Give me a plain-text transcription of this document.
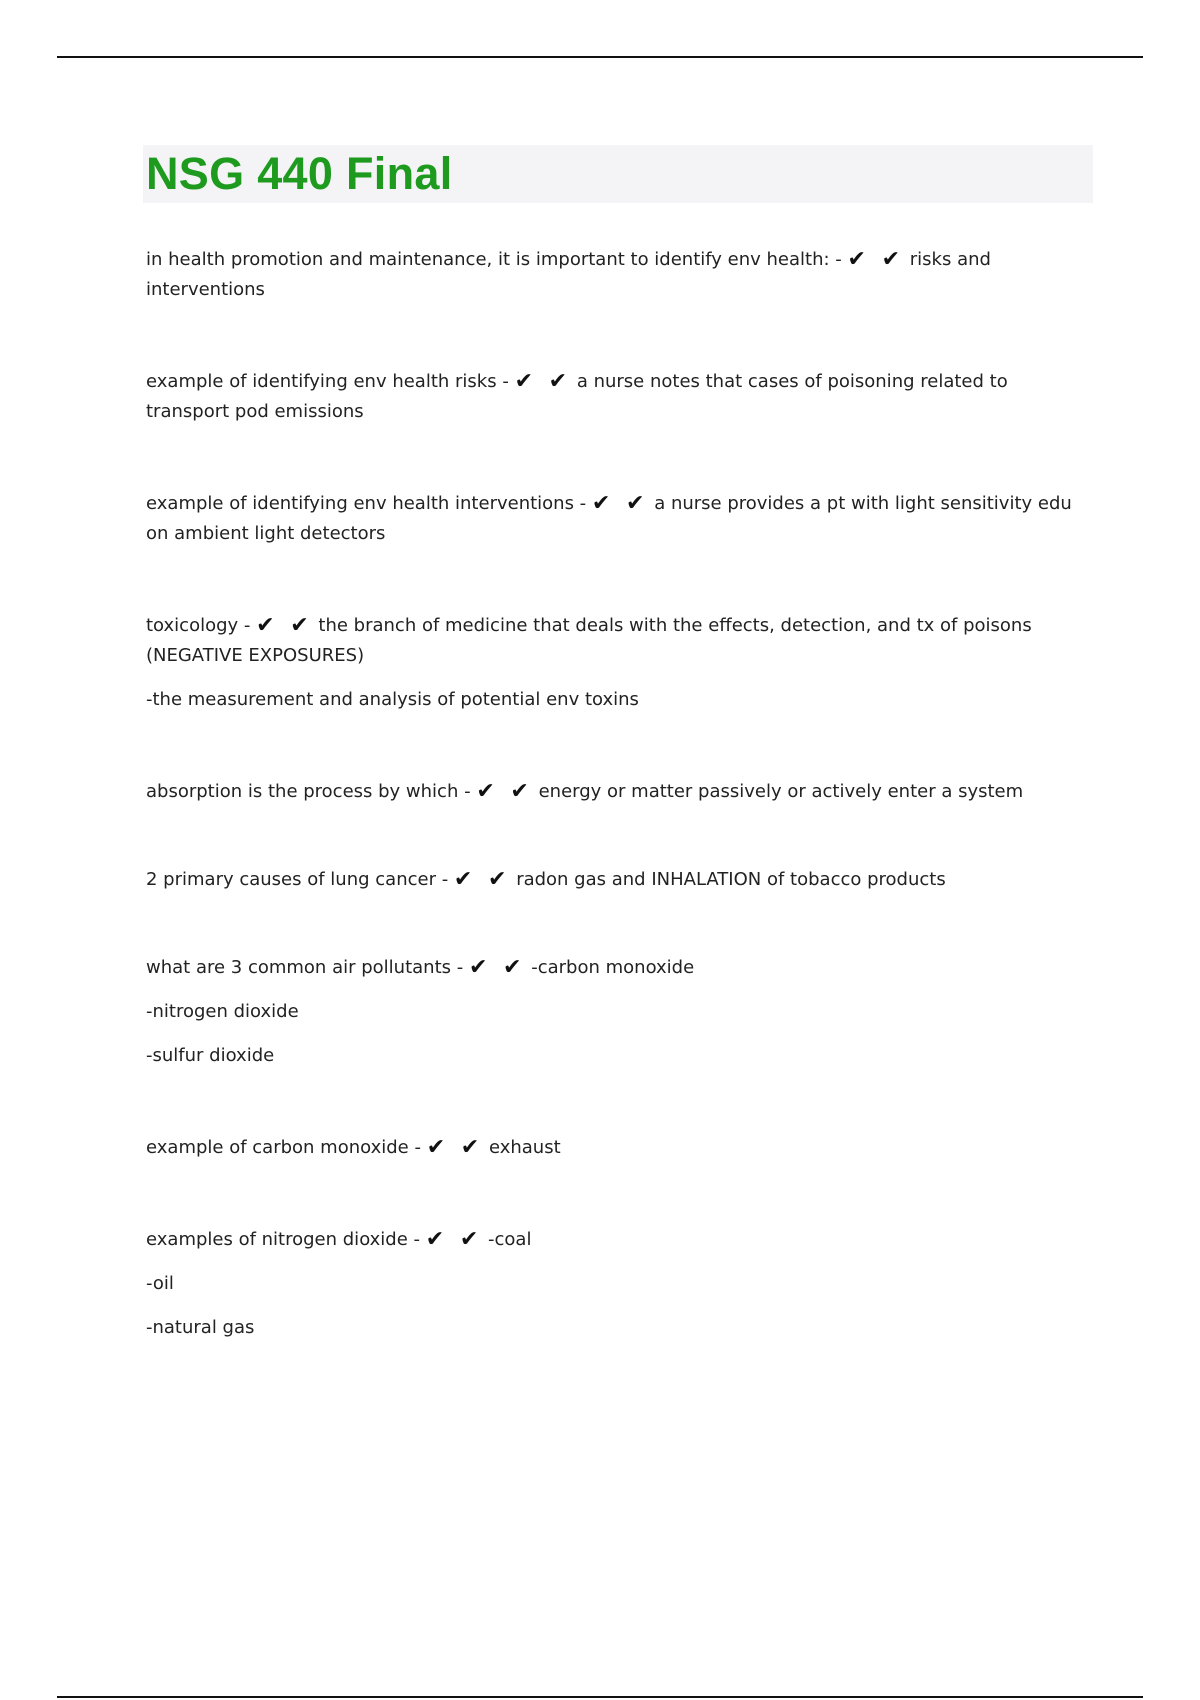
NSG 440 Final

in health promotion and maintenance, it is important to identify env health: - ✔ ✔ risks and interventions

example of identifying env health risks - ✔ ✔ a nurse notes that cases of poisoning related to transport pod emissions

example of identifying env health interventions - ✔ ✔ a nurse provides a pt with light sensitivity edu on ambient light detectors

toxicology - ✔ ✔ the branch of medicine that deals with the effects, detection, and tx of poisons (NEGATIVE EXPOSURES)

-the measurement and analysis of potential env toxins

absorption is the process by which - ✔ ✔ energy or matter passively or actively enter a system

2 primary causes of lung cancer - ✔ ✔ radon gas and INHALATION of tobacco products

what are 3 common air pollutants - ✔ ✔ -carbon monoxide

-nitrogen dioxide

-sulfur dioxide

example of carbon monoxide - ✔ ✔ exhaust

examples of nitrogen dioxide - ✔ ✔ -coal

-oil

-natural gas
